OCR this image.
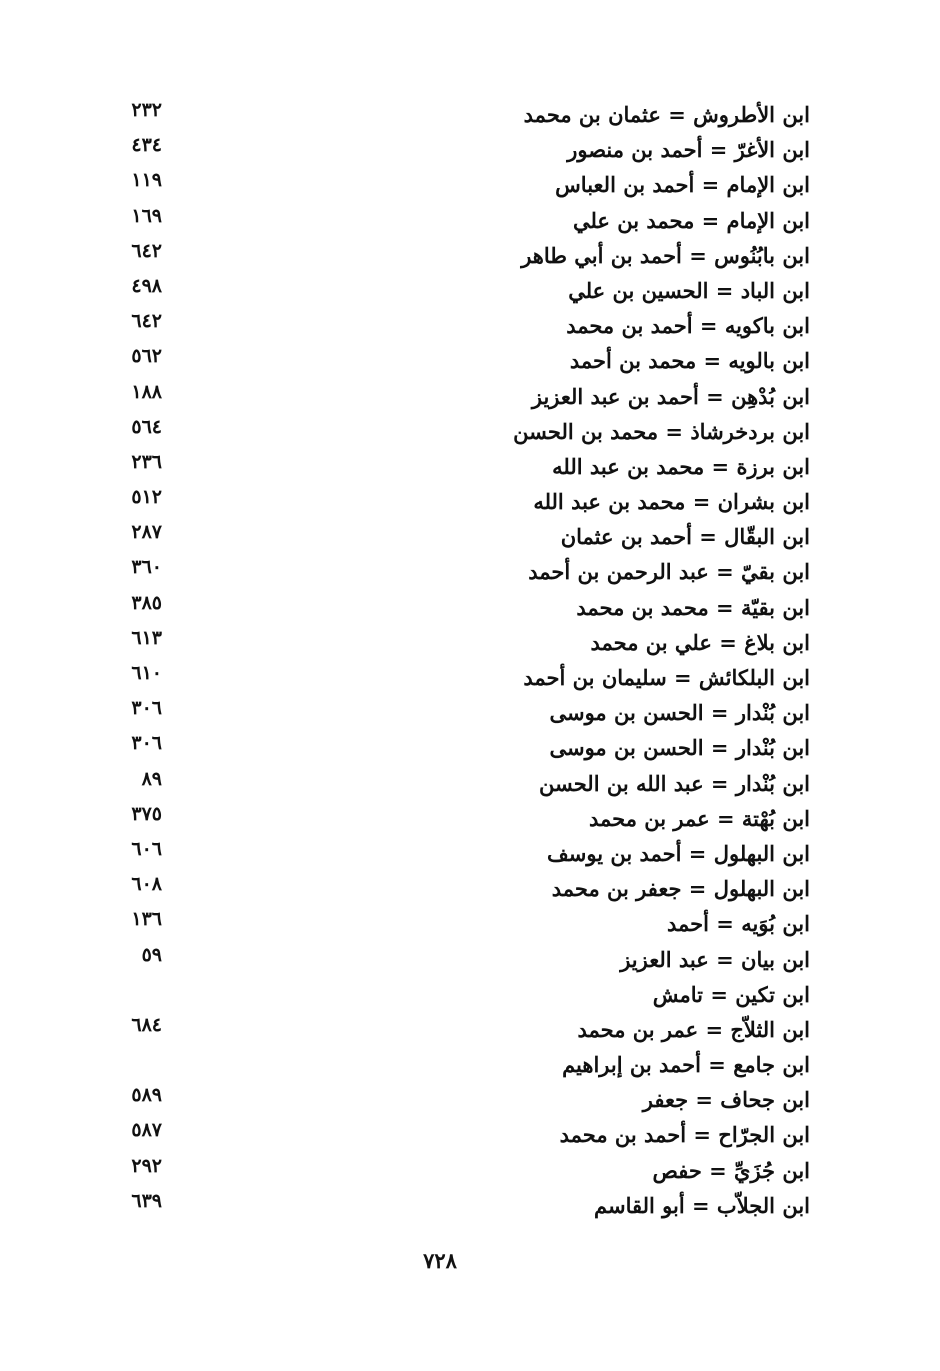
ابن الأطروش = عثمان بن محمد
٢٣٢
ابن الأغرّ = أحمد بن منصور
٤٣٤
ابن الإمام = أحمد بن العباس
١١٩
ابن الإمام = محمد بن علي
١٦٩
ابن بابُنُوس = أحمد بن أبي طاهر
٦٤٢
ابن الباد = الحسين بن علي
٤٩٨
ابن باكويه = أحمد بن محمد
٦٤٢
ابن بالويه = محمد بن أحمد
٥٦٢
ابن بُدْهِن = أحمد بن عبد العزيز
١٨٨
ابن بردخرشاذ = محمد بن الحسن
٥٦٤
ابن برزة = محمد بن عبد الله
٢٣٦
ابن بشران = محمد بن عبد الله
٥١٢
ابن البقّال = أحمد بن عثمان
٢٨٧
ابن بقيّ = عبد الرحمن بن أحمد
٣٦٠
ابن بقيّة = محمد بن محمد
٣٨٥
ابن بلاغ = علي بن محمد
٦١٣
ابن البلكائش = سليمان بن أحمد
٦١٠
ابن بُنْدار = الحسن بن موسى
٣٠٦
ابن بُنْدار = الحسن بن موسى
٣٠٦
ابن بُنْدار = عبد الله بن الحسن
٨٩
ابن بُهْتة = عمر بن محمد
٣٧٥
ابن البهلول = أحمد بن يوسف
٦٠٦
ابن البهلول = جعفر بن محمد
٦٠٨
ابن بُوَيه = أحمد
١٣٦
ابن بيان = عبد العزيز
٥٩
ابن تكين = تامش
ابن الثلاّج = عمر بن محمد
٦٨٤
ابن جامع = أحمد بن إبراهيم
ابن جحاف = جعفر
٥٨٩
ابن الجرّاح = أحمد بن محمد
٥٨٧
ابن جُزَيِّ = حفص
٢٩٢
ابن الجلاّب = أبو القاسم
٦٣٩
٧٢٨
